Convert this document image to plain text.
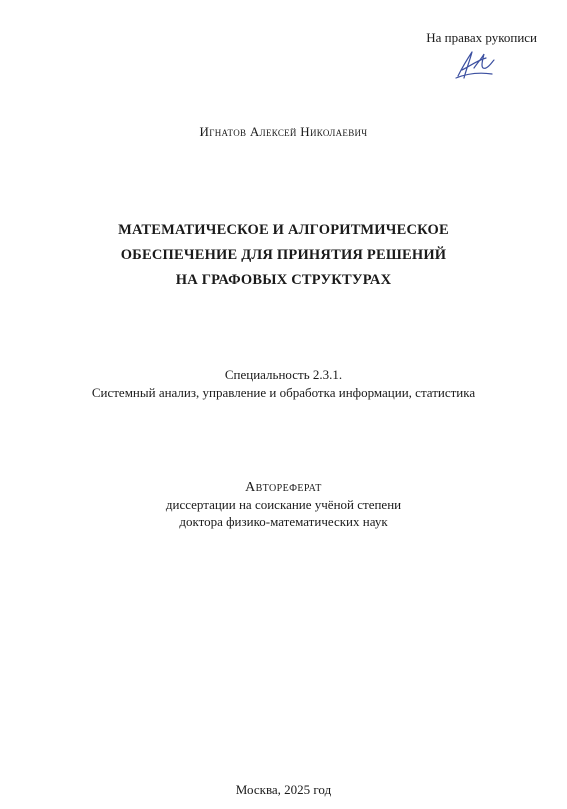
На правах рукописи
Игнатов Алексей Николаевич
МАТЕМАТИЧЕСКОЕ И АЛГОРИТМИЧЕСКОЕ
ОБЕСПЕЧЕНИЕ ДЛЯ ПРИНЯТИЯ РЕШЕНИЙ
НА ГРАФОВЫХ СТРУКТУРАХ
Специальность 2.3.1.
Системный анализ, управление и обработка информации, статистика
Автореферат
диссертации на соискание учёной степени
доктора физико-математических наук
Москва, 2025 год
